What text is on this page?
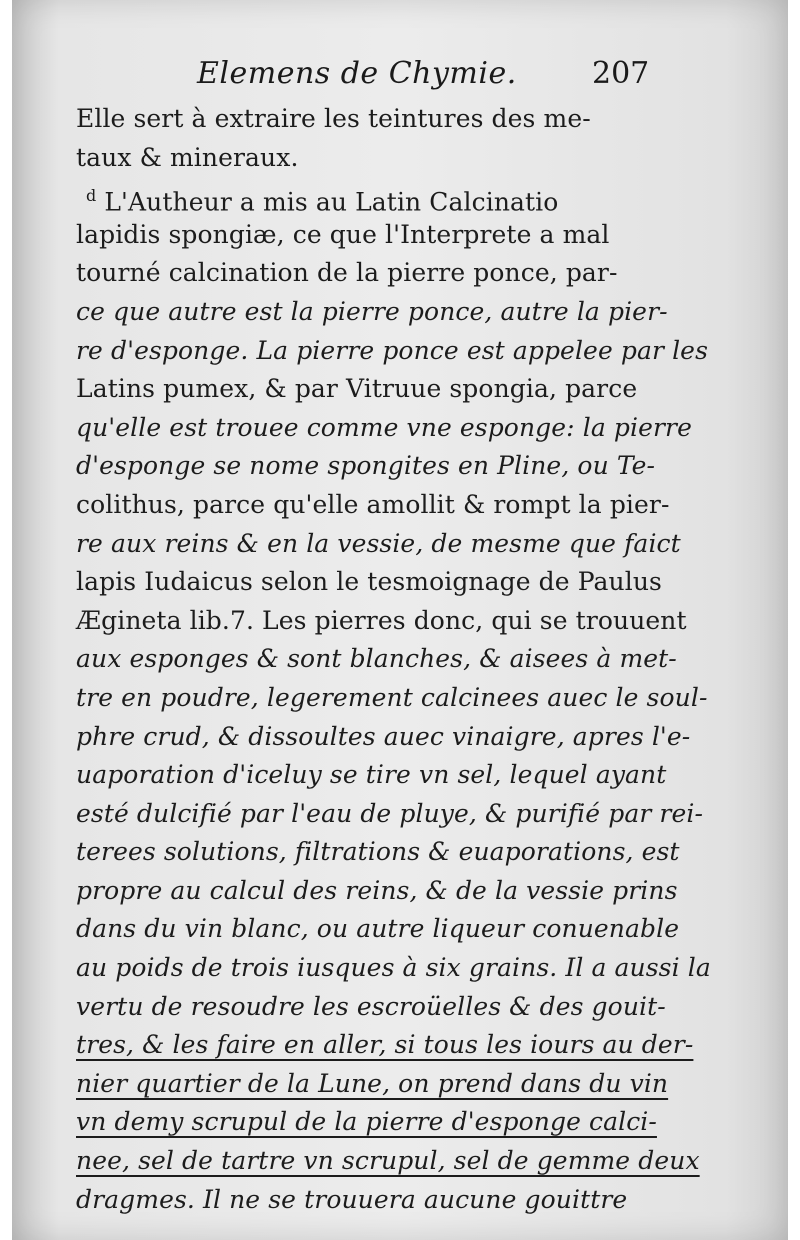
Elemens de Chymie.	207
Elle sert à extraire les teintures des me-
taux & mineraux.
$^d$ L'Autheur a mis au Latin Calcinatio
lapidis spongiæ, ce que l'Interprete a mal
tourné calcination de la pierre ponce, par-
ce que autre est la pierre ponce, autre la pier-
re d'esponge. La pierre ponce est appelee par les
Latins pumex, & par Vitruue spongia, parce
qu'elle est trouee comme vne esponge: la pierre
d'esponge se nome spongites en Pline, ou Te-
colithus, parce qu'elle amollit & rompt la pier-
re aux reins & en la vessie, de mesme que faict
lapis Iudaicus selon le tesmoignage de Paulus
Ægineta lib.7. Les pierres donc, qui se trouuent
aux esponges & sont blanches, & aisees à met-
tre en poudre, legerement calcinees auec le soul-
phre crud, & dissoultes auec vinaigre, apres l'e-
uaporation d'iceluy se tire vn sel, lequel ayant
esté dulcifié par l'eau de pluye, & purifié par rei-
terees solutions, filtrations & euaporations, est
propre au calcul des reins, & de la vessie prins
dans du vin blanc, ou autre liqueur conuenable
au poids de trois iusques à six grains. Il a aussi la
vertu de resoudre les escroüelles & des gouit-
tres, & les faire en aller, si tous les iours au der-
nier quartier de la Lune, on prend dans du vin
vn demy scrupul de la pierre d'esponge calci-
nee, sel de tartre vn scrupul, sel de gemme deux
dragmes. Il ne se trouuera aucune gouittre
